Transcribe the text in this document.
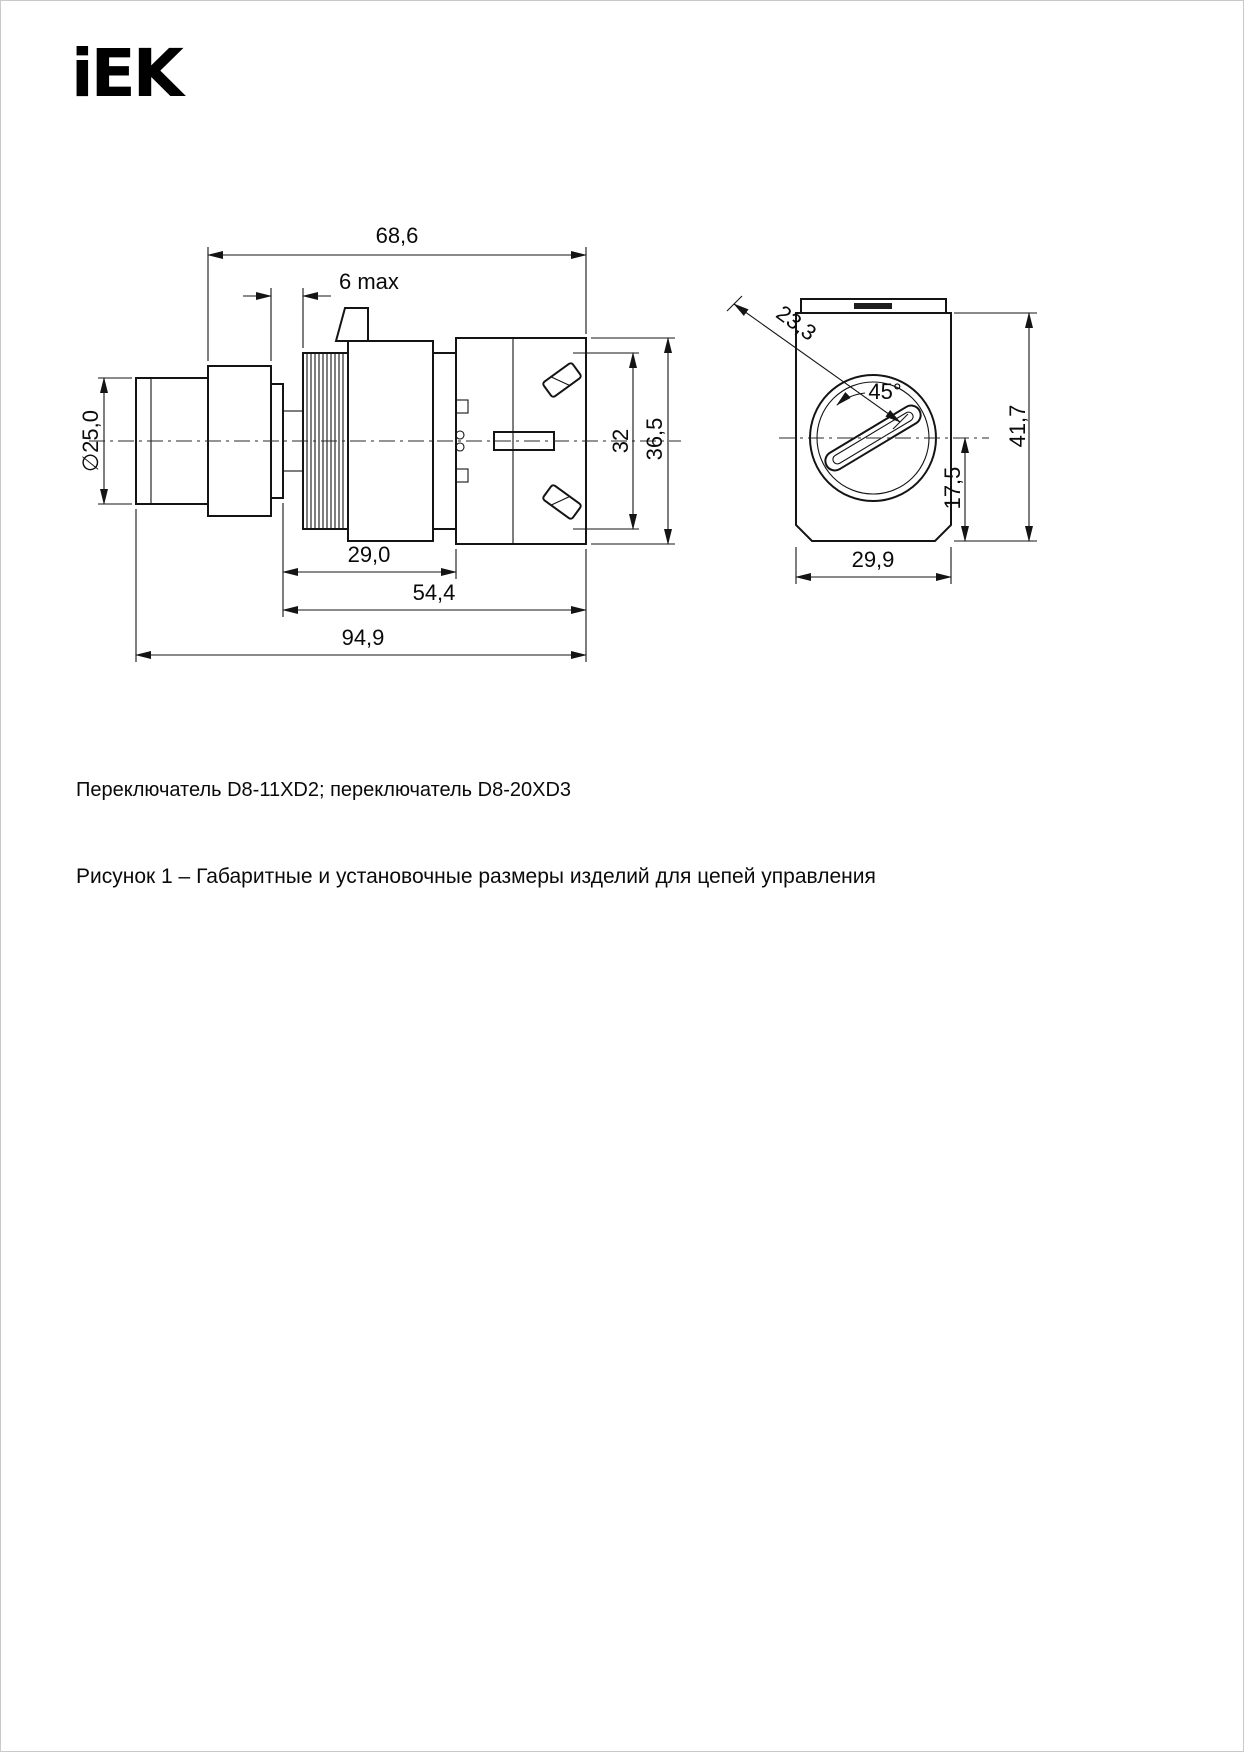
iEK
68,6
6 max
∅25,0	32 36,5
29,0
54,4
94,9
23,3
45°
17,5
41,7
29,9
Переключатель D8-11XD2; переключатель D8-20XD3
Рисунок 1 – Габаритные и установочные размеры изделий для цепей управления
